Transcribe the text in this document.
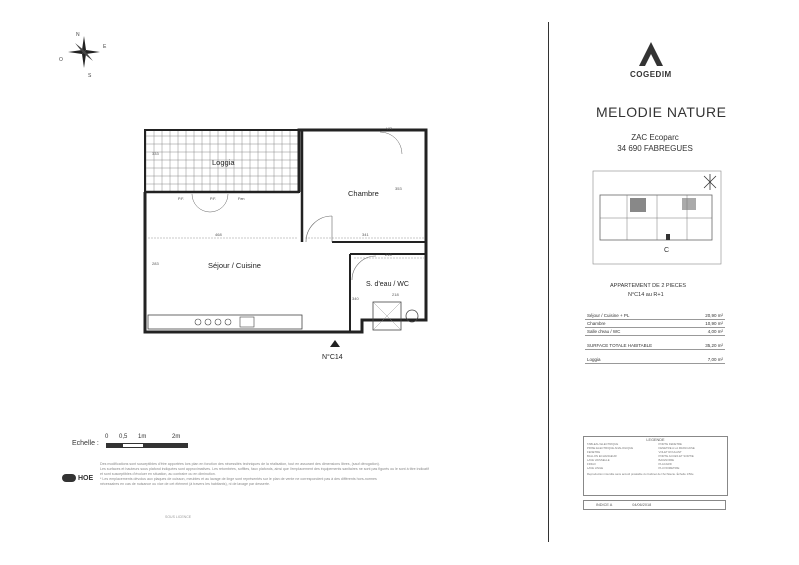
N
E
O
S
Loggia
Chambre
Séjour / Cuisine
S. d'eau / WC
333
353
468	341
216
283
340
218
P.F.	P.F.	Fen
V.R.
N°C14
Echelle :
0 0,5 1m	2m
Des modifications sont susceptibles d'être apportées lors plan en fonction des nécessités techniques de la réalisation, tout en assurant des dimensions libres, (sauf dérogation).
Les surfaces et hauteurs sous plafond indiquées sont approximatives. Les retombées, soffites, faux plafonds, ainsi que l'emplacement des équipements sanitaires ne sont pas figurés ou le sont à titre indicatif
et sont susceptibles d'évoluer en situation, au contraire ou en diminution.
* Les emplacements dévolus aux plaques de cuisson, meubles et au lavage de linge sont représentés sur le plan de vente ne correspondent pas à des différents hors-normes
nécessaires en cas de nuisance ou vice de cet élément (à travers les habitants), ni de lavage par desserte.
HOE
SOUS LICENCE
COGEDIM
MELODIE NATURE
ZAC Ecoparc
34 690 FABREGUES
C
APPARTEMENT DE 2 PIECES
N°C14 au R+1
Séjour / Cuisine + PL	20,90 m²
Chambre	10,90 m²
Salle d'eau / WC	4,00 m²
SURFACE TOTALE HABITABLE	35,20 m²
Loggia	7,00 m²
LEGENDE
TABLEAU ELECTRIQUE
PRISE ELECTRIQUE ANALOGIQUE
FENETRE
BALLON ECHANGEUR
LAVE VAISSELLE
FRIGO
LAVE LINGE
PORTE FENETRE
FENETRE A LA FRANCAISE
VOLET ROULANT
PORTE ACCES ET SORTIE
BAIGNOIRE
PLACARD
PLUVIOMETRIE
Reproduction interdite sans accord préalable du Cabinet de l'Architecte. Échelle 1/50e
INDICE A	04/06/2018
